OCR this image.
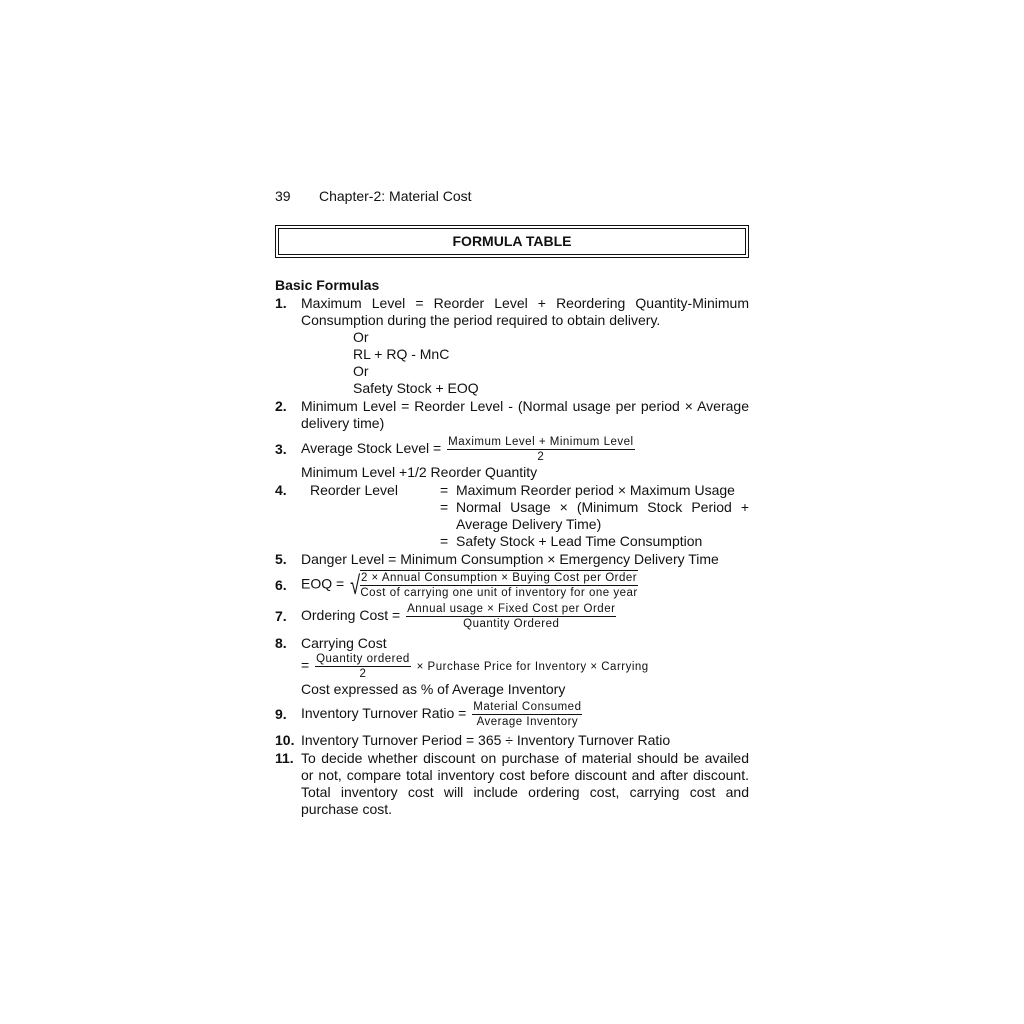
39 Chapter-2: Material Cost
FORMULA TABLE
Basic Formulas
1.	Maximum Level = Reorder Level + Reordering Quantity-Minimum
Consumption during the period required to obtain delivery.
Or
RL + RQ - MnC
Or
Safety Stock + EOQ
2.	Minimum Level = Reorder Level - (Normal usage per period × Average
delivery time)
3.	Average Stock Level = $\frac{\text{Maximum Level + Minimum Level}}{2}$
Minimum Level +1/2 Reorder Quantity
4.	Reorder Level	= Maximum Reorder period × Maximum Usage
= Normal Usage × (Minimum Stock Period +
Average Delivery Time)
= Safety Stock + Lead Time Consumption
5.	Danger Level = Minimum Consumption × Emergency Delivery Time
6.	EOQ = √ $\frac{\text{2 × Annual Consumption × Buying Cost per Order}}{\text{Cost of carrying one unit of inventory for one year}}$
7.	Ordering Cost = $\frac{\text{Annual usage × Fixed Cost per Order}}{\text{Quantity Ordered}}$
8.	Carrying Cost
= $\frac{\text{Quantity ordered}}{2}$ × Purchase Price for Inventory × Carrying
Cost expressed as % of Average Inventory
9.	Inventory Turnover Ratio = $\frac{\text{Material Consumed}}{\text{Average Inventory}}$
10. Inventory Turnover Period = 365 ÷ Inventory Turnover Ratio
11. To decide whether discount on purchase of material should be availed
or not, compare total inventory cost before discount and after discount.
Total inventory cost will include ordering cost, carrying cost and
purchase cost.
